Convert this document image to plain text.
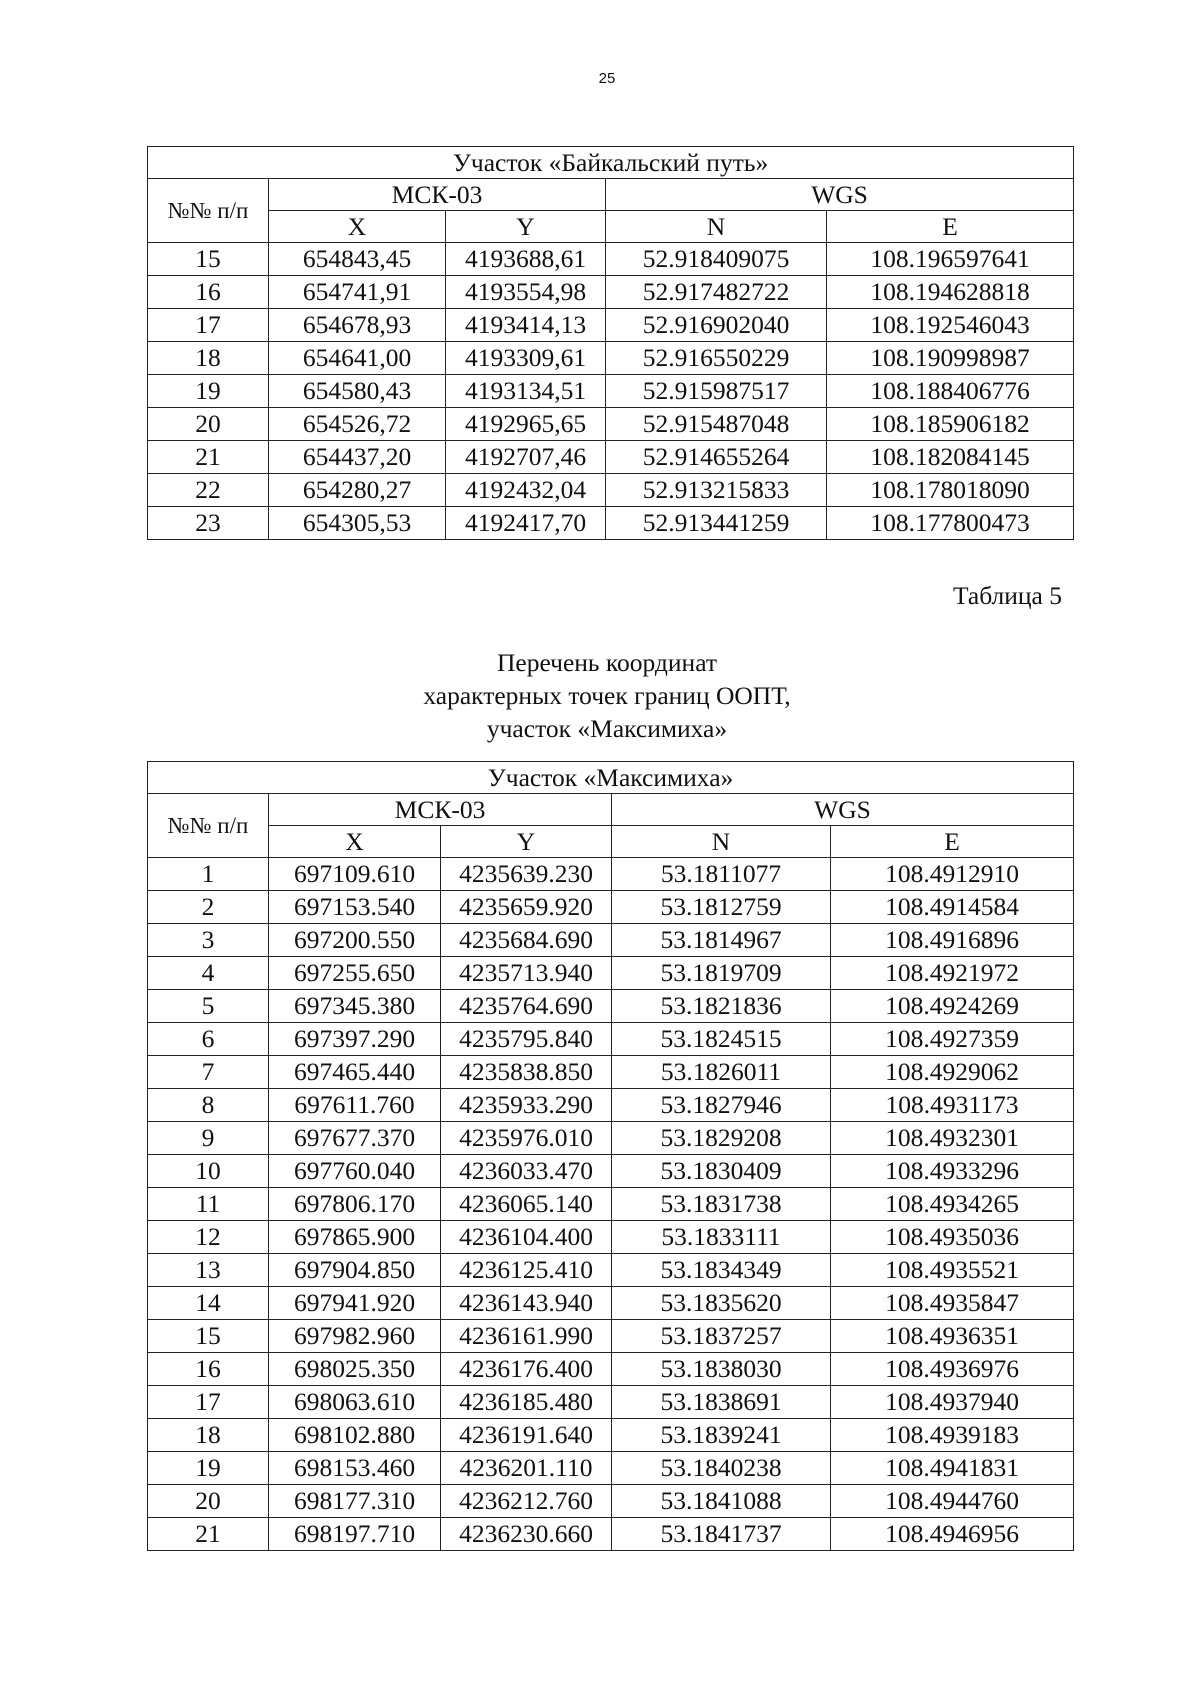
25
Участок «Байкальский путь»				
№№ п/п	МСК-03		WGS	
	X	Y	N	E
15	654843,45	4193688,61	52.918409075	108.196597641
16	654741,91	4193554,98	52.917482722	108.194628818
17	654678,93	4193414,13	52.916902040	108.192546043
18	654641,00	4193309,61	52.916550229	108.190998987
19	654580,43	4193134,51	52.915987517	108.188406776
20	654526,72	4192965,65	52.915487048	108.185906182
21	654437,20	4192707,46	52.914655264	108.182084145
22	654280,27	4192432,04	52.913215833	108.178018090
23	654305,53	4192417,70	52.913441259	108.177800473
Таблица 5
Перечень координат
характерных точек границ ООПТ,
участок «Максимиха»
Участок «Максимиха»				
№№ п/п	МСК-03		WGS	
	X	Y	N	E
1	697109.610	4235639.230	53.1811077	108.4912910
2	697153.540	4235659.920	53.1812759	108.4914584
3	697200.550	4235684.690	53.1814967	108.4916896
4	697255.650	4235713.940	53.1819709	108.4921972
5	697345.380	4235764.690	53.1821836	108.4924269
6	697397.290	4235795.840	53.1824515	108.4927359
7	697465.440	4235838.850	53.1826011	108.4929062
8	697611.760	4235933.290	53.1827946	108.4931173
9	697677.370	4235976.010	53.1829208	108.4932301
10	697760.040	4236033.470	53.1830409	108.4933296
11	697806.170	4236065.140	53.1831738	108.4934265
12	697865.900	4236104.400	53.1833111	108.4935036
13	697904.850	4236125.410	53.1834349	108.4935521
14	697941.920	4236143.940	53.1835620	108.4935847
15	697982.960	4236161.990	53.1837257	108.4936351
16	698025.350	4236176.400	53.1838030	108.4936976
17	698063.610	4236185.480	53.1838691	108.4937940
18	698102.880	4236191.640	53.1839241	108.4939183
19	698153.460	4236201.110	53.1840238	108.4941831
20	698177.310	4236212.760	53.1841088	108.4944760
21	698197.710	4236230.660	53.1841737	108.4946956
